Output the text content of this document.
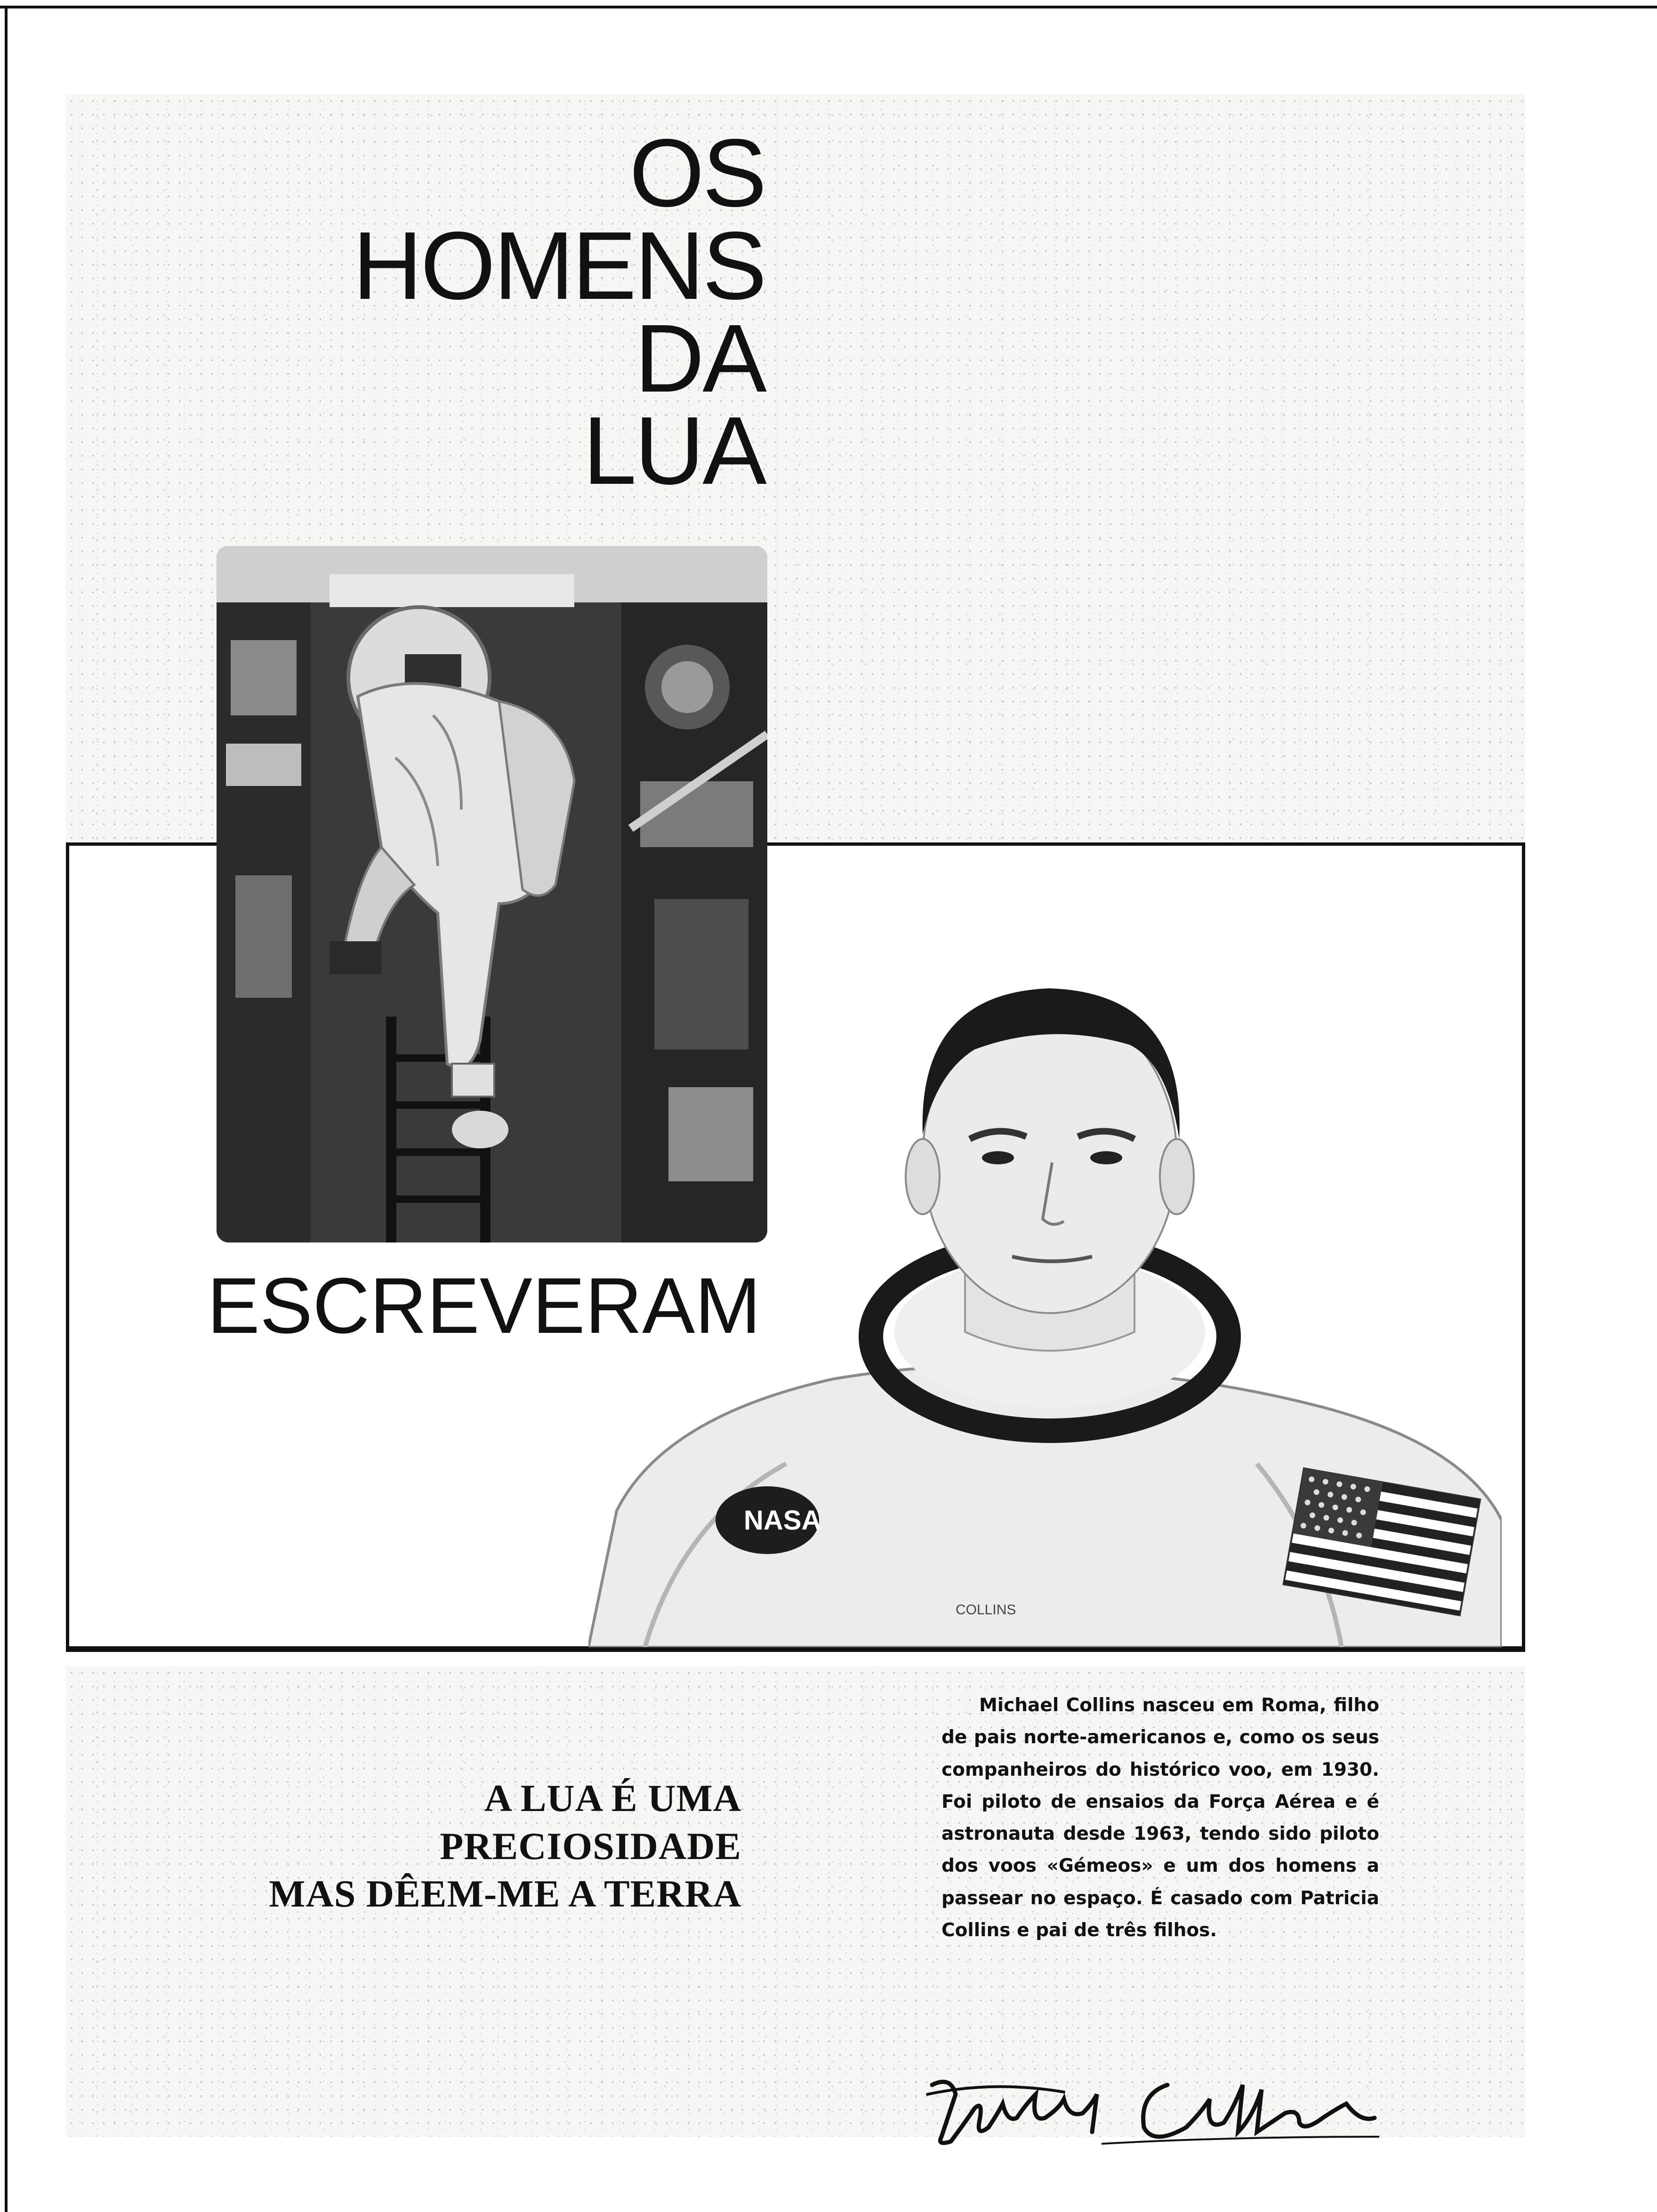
OS
HOMENS
DA
LUA
ESCREVERAM
NASA
COLLINS
A LUA É UMA
PRECIOSIDADE
MAS DÊEM-ME A TERRA

Michael Collins nasceu em Roma, filho de pais norte-americanos e, como os seus companheiros do histórico voo, em 1930. Foi piloto de ensaios da Força Aérea e é astronauta desde 1963, tendo sido piloto dos voos «Gémeos» e um dos homens a passear no espaço. É casado com Patricia Collins e pai de três filhos.
